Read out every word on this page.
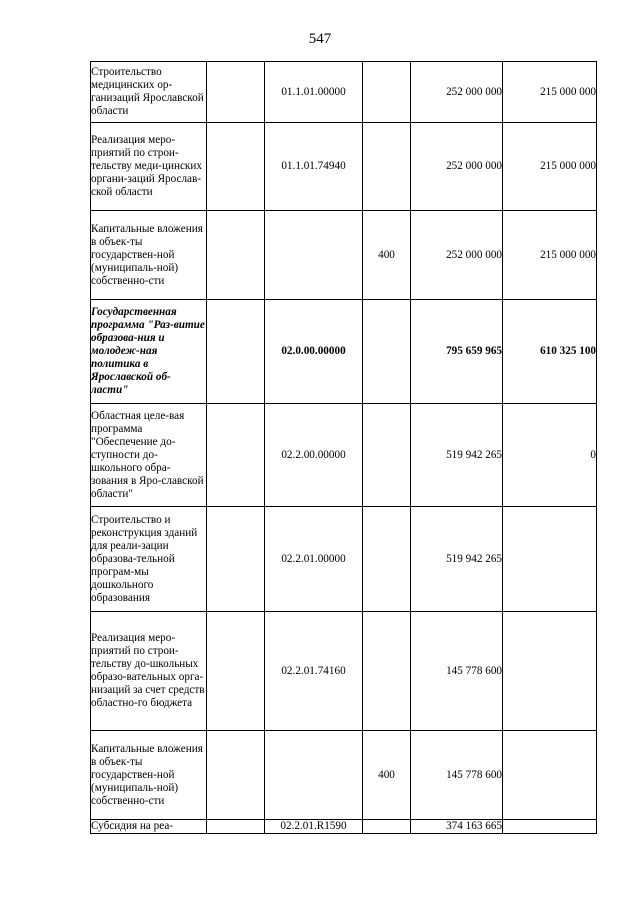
547
Строительство медицинских ор-ганизаций Ярославской области		01.1.01.00000		252 000 000	215 000 000
Реализация меро-приятий по строи-тельству меди-цинских органи-заций Ярослав-ской области		01.1.01.74940		252 000 000	215 000 000
Капитальные вложения в объек-ты государствен-ной (муниципаль-ной) собственно-сти			400	252 000 000	215 000 000
Государственная программа "Раз-витие образова-ния и молодеж-ная политика в Ярославской об-ласти"		02.0.00.00000		795 659 965	610 325 100
Областная целе-вая программа "Обеспечение до-ступности до-школьного обра-зования в Яро-славской области"		02.2.00.00000		519 942 265	0
Строительство и реконструкция зданий для реали-зации образова-тельной програм-мы дошкольного образования		02.2.01.00000		519 942 265	
Реализация меро-приятий по строи-тельству до-школьных образо-вательных орга-низаций за счет средств областно-го бюджета		02.2.01.74160		145 778 600	
Капитальные вложения в объек-ты государствен-ной (муниципаль-ной) собственно-сти			400	145 778 600	
Субсидия на реа-		02.2.01.R1590		374 163 665	
